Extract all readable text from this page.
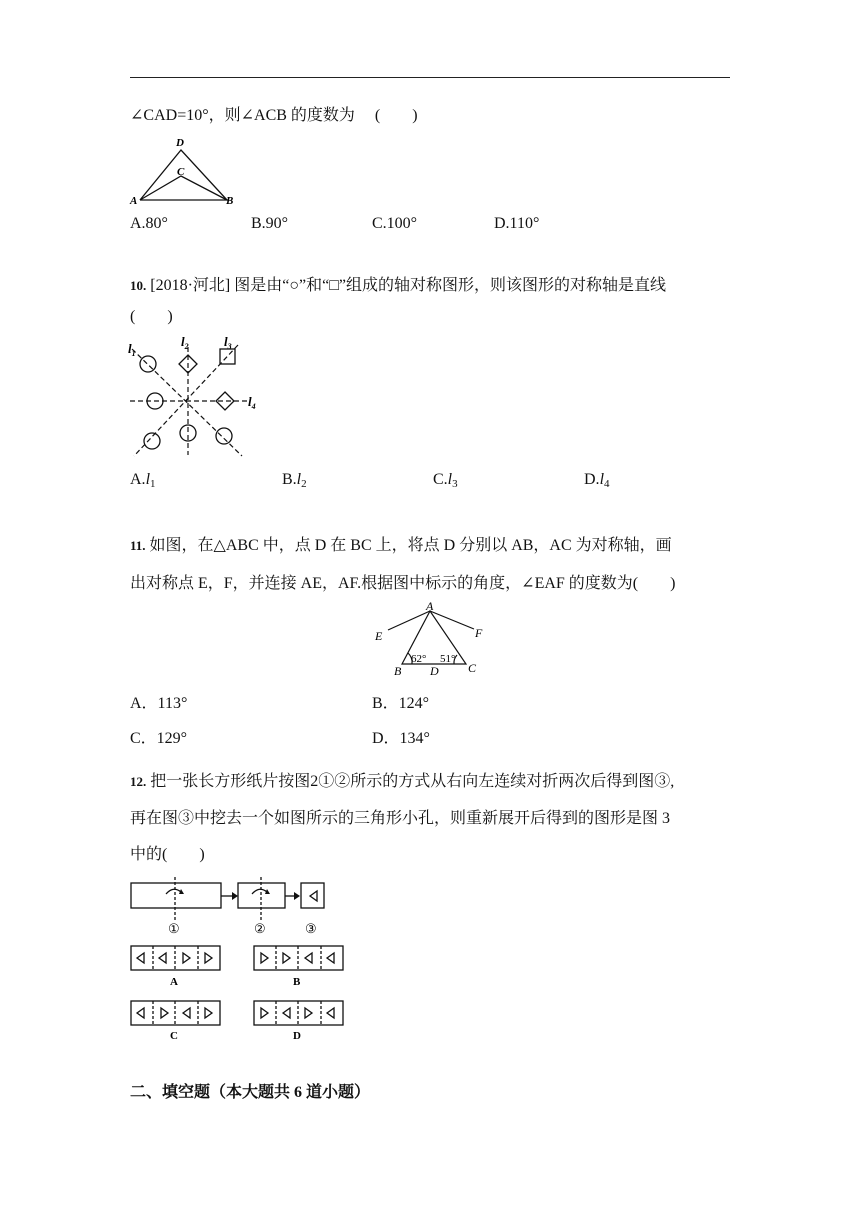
∠CAD=10°，则∠ACB 的度数为　 (　　)
D
C
A	B
A.80°	B.90°	C.100°	D.110°
10. [2018·河北] 图是由“○”和“□”组成的轴对称图形，则该图形的对称轴是直线
(　　)
$l_1$
$l_2$	$l_3$
$l_4$
$A.l_1$	$B.l_2$	$C.l_3$	$D.l_4$
11. 如图，在△ABC 中，点 D 在 BC 上，将点 D 分别以 AB，AC 为对称轴，画
出对称点 E，F，并连接 AE，AF.根据图中标示的角度，∠EAF 的度数为(　　)
A
E	F
B	C
D
62° 51°
A．113°	B．124°
C．129°	D．134°
12. 把一张长方形纸片按图2①②所示的方式从右向左连续对折两次后得到图③,
再在图③中挖去一个如图所示的三角形小孔，则重新展开后得到的图形是图 3
中的(　　)
①	②	③
A	B
C	D
二、填空题（本大题共 6 道小题）
